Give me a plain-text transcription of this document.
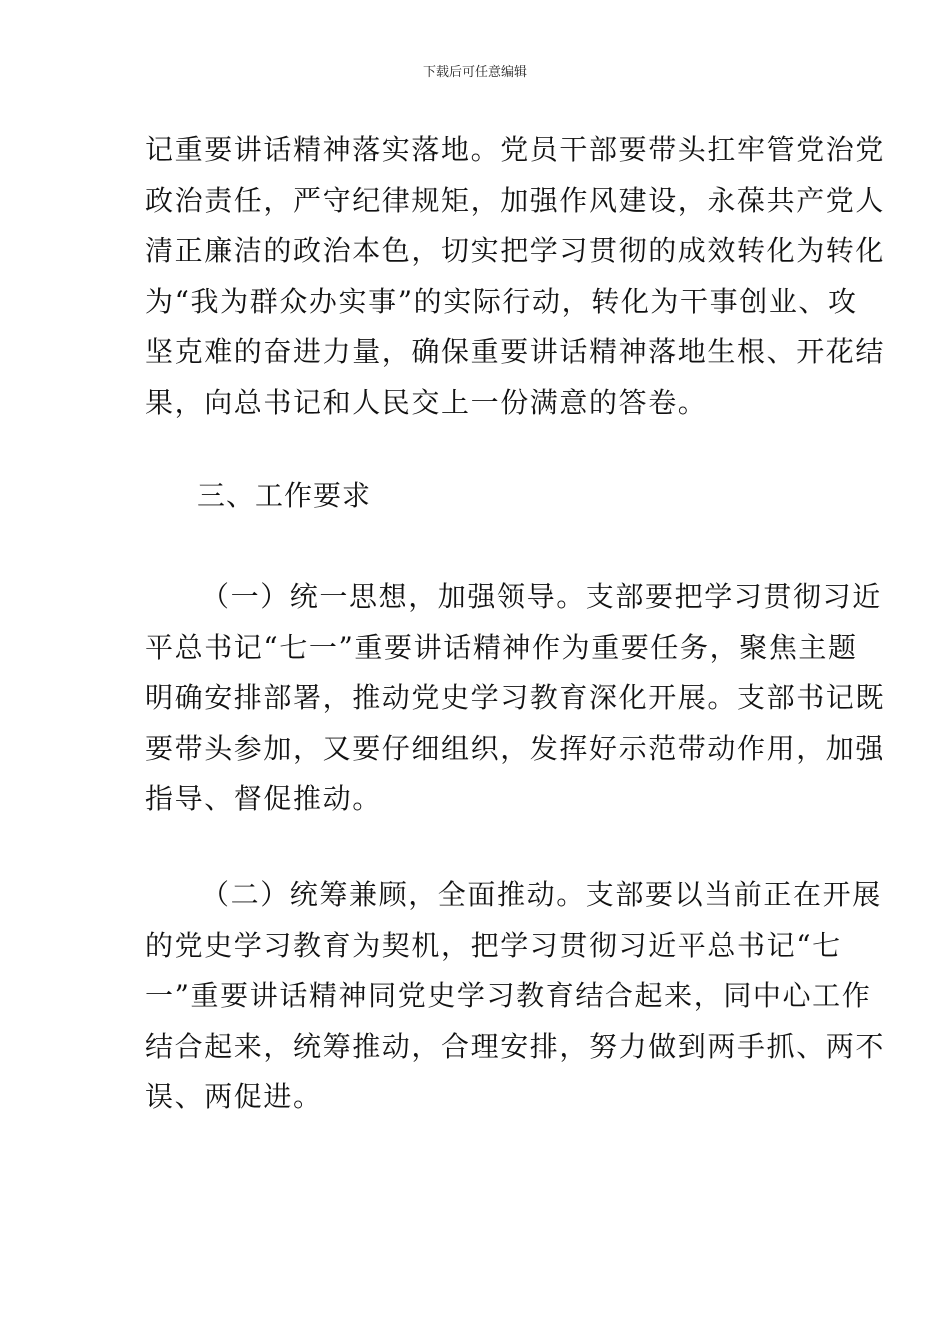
下载后可任意编辑

记重要讲话精神落实落地。党员干部要带头扛牢管党治党
政治责任，严守纪律规矩，加强作风建设，永葆共产党人
清正廉洁的政治本色，切实把学习贯彻的成效转化为转化
为“我为群众办实事”的实际行动，转化为干事创业、攻
坚克难的奋进力量，确保重要讲话精神落地生根、开花结
果，向总书记和人民交上一份满意的答卷。

三、工作要求

（一）统一思想，加强领导。支部要把学习贯彻习近
平总书记“七一”重要讲话精神作为重要任务，聚焦主题
明确安排部署，推动党史学习教育深化开展。支部书记既
要带头参加，又要仔细组织，发挥好示范带动作用，加强
指导、督促推动。

（二）统筹兼顾，全面推动。支部要以当前正在开展
的党史学习教育为契机，把学习贯彻习近平总书记“七
一”重要讲话精神同党史学习教育结合起来，同中心工作
结合起来，统筹推动，合理安排，努力做到两手抓、两不
误、两促进。
